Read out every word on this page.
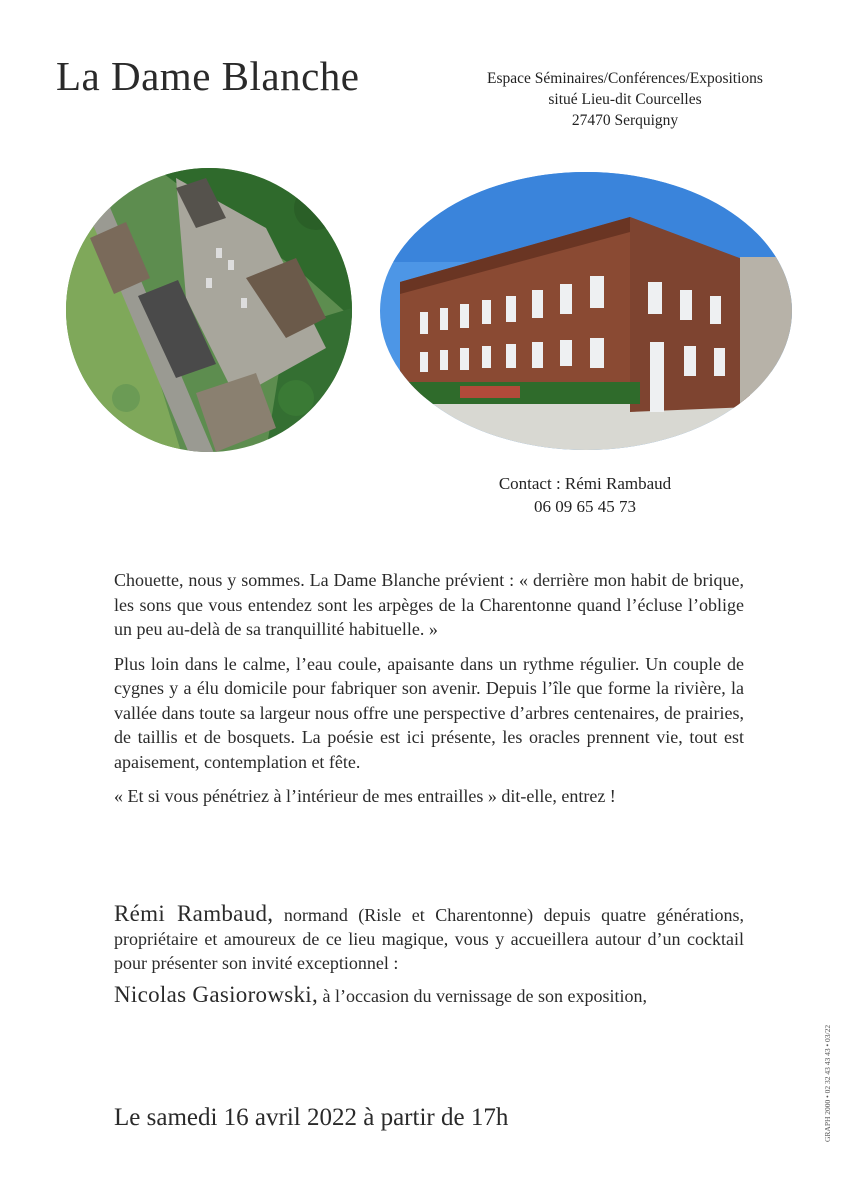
La Dame Blanche	Espace Séminaires/Conférences/Expositions
situé Lieu-dit Courcelles
27470 Serquigny
Contact : Rémi Rambaud
06 09 65 45 73

Chouette, nous y sommes. La Dame Blanche prévient : « derrière mon habit de brique, les sons que vous entendez sont les arpèges de la Charentonne quand l’écluse l’oblige un peu au-delà de sa tranquillité habituelle. »

Plus loin dans le calme, l’eau coule, apaisante dans un rythme régulier. Un couple de cygnes y a élu domicile pour fabriquer son avenir. Depuis l’île que forme la rivière, la vallée dans toute sa largeur nous offre une perspective d’arbres centenaires, de prairies, de taillis et de bosquets. La poésie est ici présente, les oracles prennent vie, tout est apaisement, contemplation et fête.

« Et si vous pénétriez à l’intérieur de mes entrailles » dit-elle, entrez !

Rémi Rambaud, normand (Risle et Charentonne) depuis quatre générations, propriétaire et amoureux de ce lieu magique, vous y accueillera autour d’un cocktail pour présenter son invité exceptionnel :

Nicolas Gasiorowski, à l’occasion du vernissage de son exposition,

Le samedi 16 avril 2022 à partir de 17h	GRAPH 2000 • 02 32 43 43 43 • 03/22
